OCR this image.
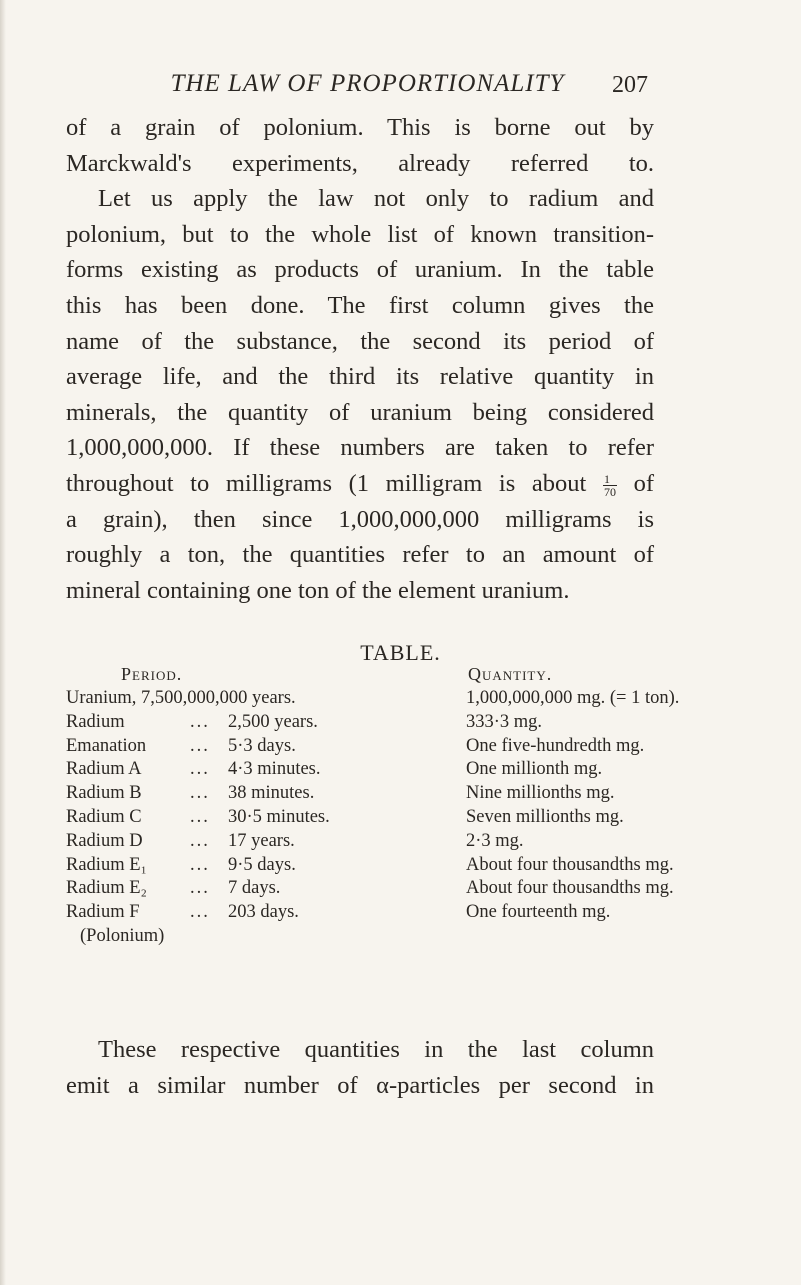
THE LAW OF PROPORTIONALITY	207

of a grain of polonium. This is borne out by
Marckwald's experiments, already referred to.
Let us apply the law not only to radium and
polonium, but to the whole list of known transition-
forms existing as products of uranium. In the table
this has been done. The first column gives the
name of the substance, the second its period of
average life, and the third its relative quantity in
minerals, the quantity of uranium being considered
1,000,000,000. If these numbers are taken to refer
throughout to milligrams (1 milligram is about $\frac{1}{70}$ of
a grain), then since 1,000,000,000 milligrams is
roughly a ton, the quantities refer to an amount of
mineral containing one ton of the element uranium.

TABLE.
Period.	Quantity.
Uranium, 7,500,000,000 years.	1,000,000,000 mg. (= 1 ton).
Radium	... 2,500 years.	333·3 mg.
Emanation ... 5·3 days.	One five-hundredth mg.
Radium A	... 4·3 minutes.	One millionth mg.
Radium B	... 38 minutes.	Nine millionths mg.
Radium C	... 30·5 minutes.	Seven millionths mg.
Radium D	... 17 years.	2·3 mg.
Radium E₁ ... 9·5 days.	About four thousandths mg.
Radium E₂ ... 7 days.	About four thousandths mg.
Radium F	... 203 days.	One fourteenth mg.
(Polonium)

These respective quantities in the last column
emit a similar number of α-particles per second in
